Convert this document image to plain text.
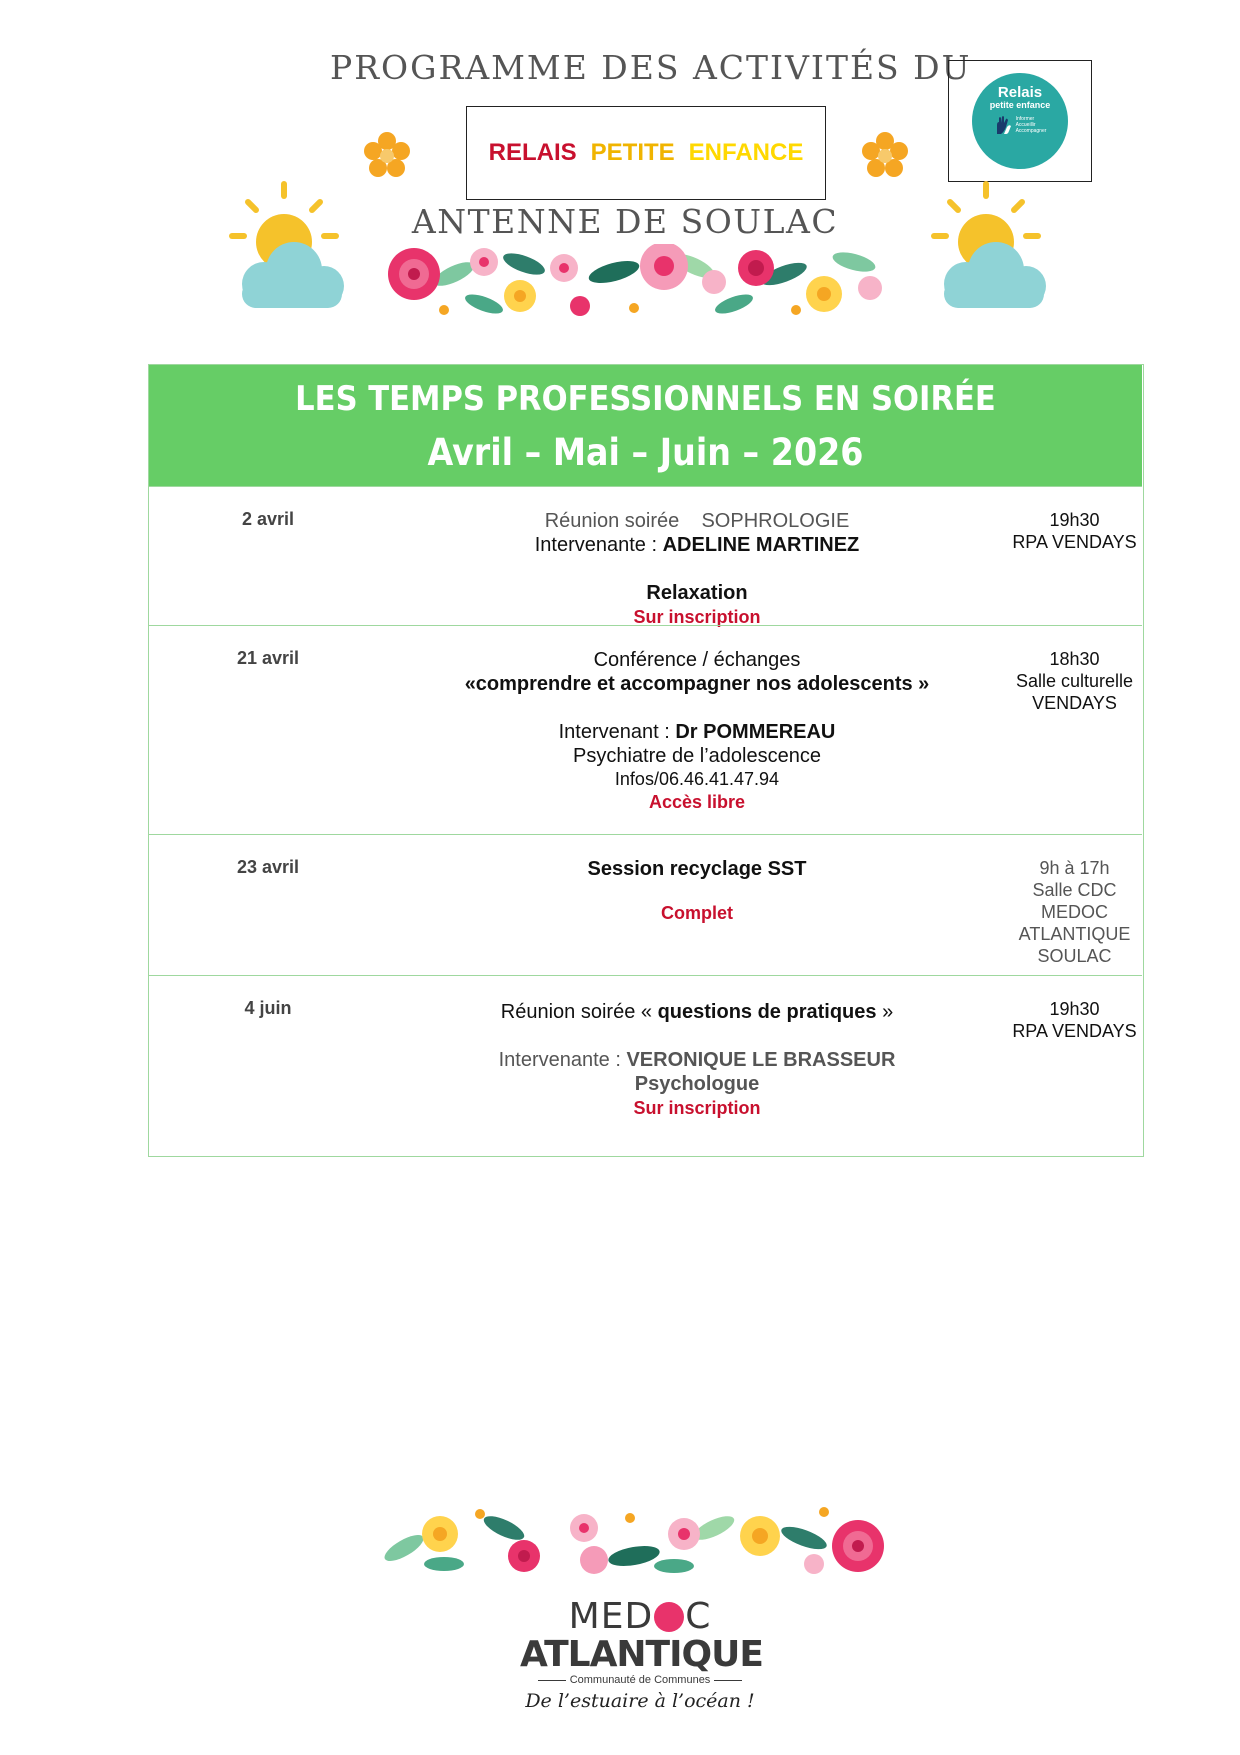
PROGRAMME DES ACTIVITÉS DU
RELAIS PETITE ENFANCE
ANTENNE DE SOULAC
Relais
petite enfance
Informer
Accueillir
Accompagner
LES TEMPS PROFESSIONNELS EN SOIRÉE
Avril – Mai – Juin – 2026
2 avril	Réunion soirée SOPHROLOGIE
Intervenante : ADELINE MARTINEZ
Relaxation
Sur inscription
19h30
RPA VENDAYS
21 avril	Conférence / échanges
«comprendre et accompagner nos adolescents »
Intervenant : Dr POMMEREAU
Psychiatre de l’adolescence
Infos/06.46.41.47.94
Accès libre
18h30
Salle culturelle
VENDAYS
23 avril	Session recyclage SST
Complet
9h à 17h
Salle CDC MEDOC
ATLANTIQUE
SOULAC
4 juin	Réunion soirée « questions de pratiques »
Intervenante : VERONIQUE LE BRASSEUR
Psychologue
Sur inscription
19h30
RPA VENDAYS
MED C
ATLANTIQUE
Communauté de Communes
De l’estuaire à l’océan !
